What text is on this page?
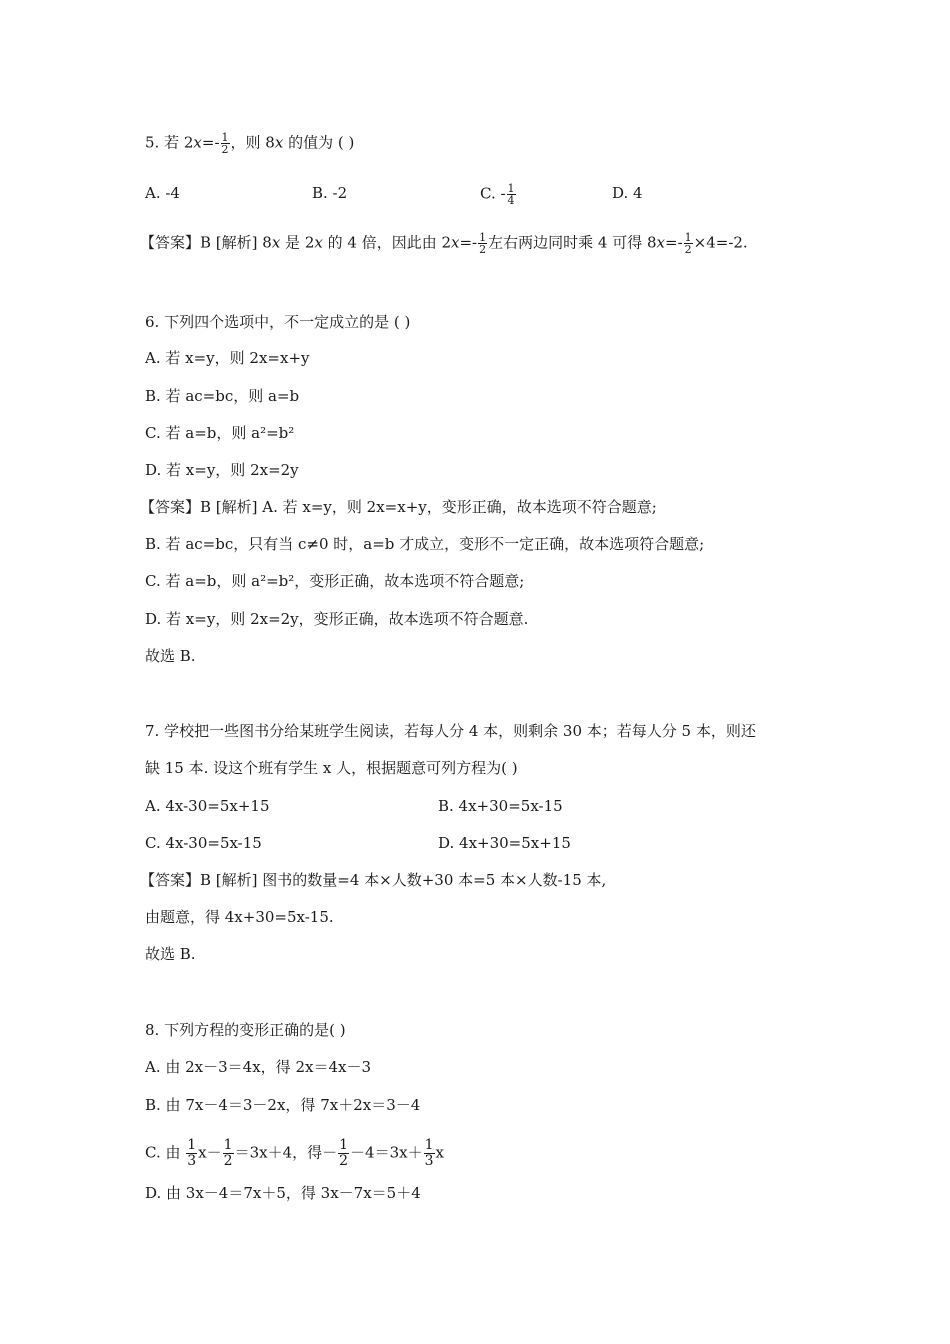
5. 若 $2x=- \frac{1}{2}$ ，则 8x 的值为 ( )
A. -4	B. -2	C. - $\frac{1}{4}$	D. 4
【答案】B [解析] 8x 是 2x 的 4 倍，因此由 $2x=- \frac{1}{2}$ 左右两边同时乘 4 可得 $8x=- \frac{1}{2} \times 4=-2$.
6. 下列四个选项中，不一定成立的是 ( )
A. 若 x=y，则 2x=x+y
B. 若 ac=bc，则 a=b
C. 若 a=b，则 a²=b²
D. 若 x=y，则 2x=2y
【答案】B [解析] A. 若 x=y，则 2x=x+y，变形正确，故本选项不符合题意;
B. 若 ac=bc，只有当 c≠0 时，a=b 才成立，变形不一定正确，故本选项符合题意;
C. 若 a=b，则 a²=b²，变形正确，故本选项不符合题意;
D. 若 x=y，则 2x=2y，变形正确，故本选项不符合题意.
故选 B.
7. 学校把一些图书分给某班学生阅读，若每人分 4 本，则剩余 30 本；若每人分 5 本，则还
缺 15 本. 设这个班有学生 x 人，根据题意可列方程为( )
A. 4x-30=5x+15	B. 4x+30=5x-15
C. 4x-30=5x-15	D. 4x+30=5x+15
【答案】B [解析] 图书的数量=4 本×人数+30 本=5 本×人数-15 本,
由题意，得 4x+30=5x-15.
故选 B.
8. 下列方程的变形正确的是( )
A. 由 2x－3＝4x，得 2x＝4x－3
B. 由 7x－4＝3－2x，得 7x＋2x＝3－4
C. 由 $\frac{1}{3} x- \frac{1}{2} =3x+4$，得－ $\frac{1}{2} -4=3x+ \frac{1}{3}$ x
D. 由 3x－4＝7x＋5，得 3x－7x＝5＋4
